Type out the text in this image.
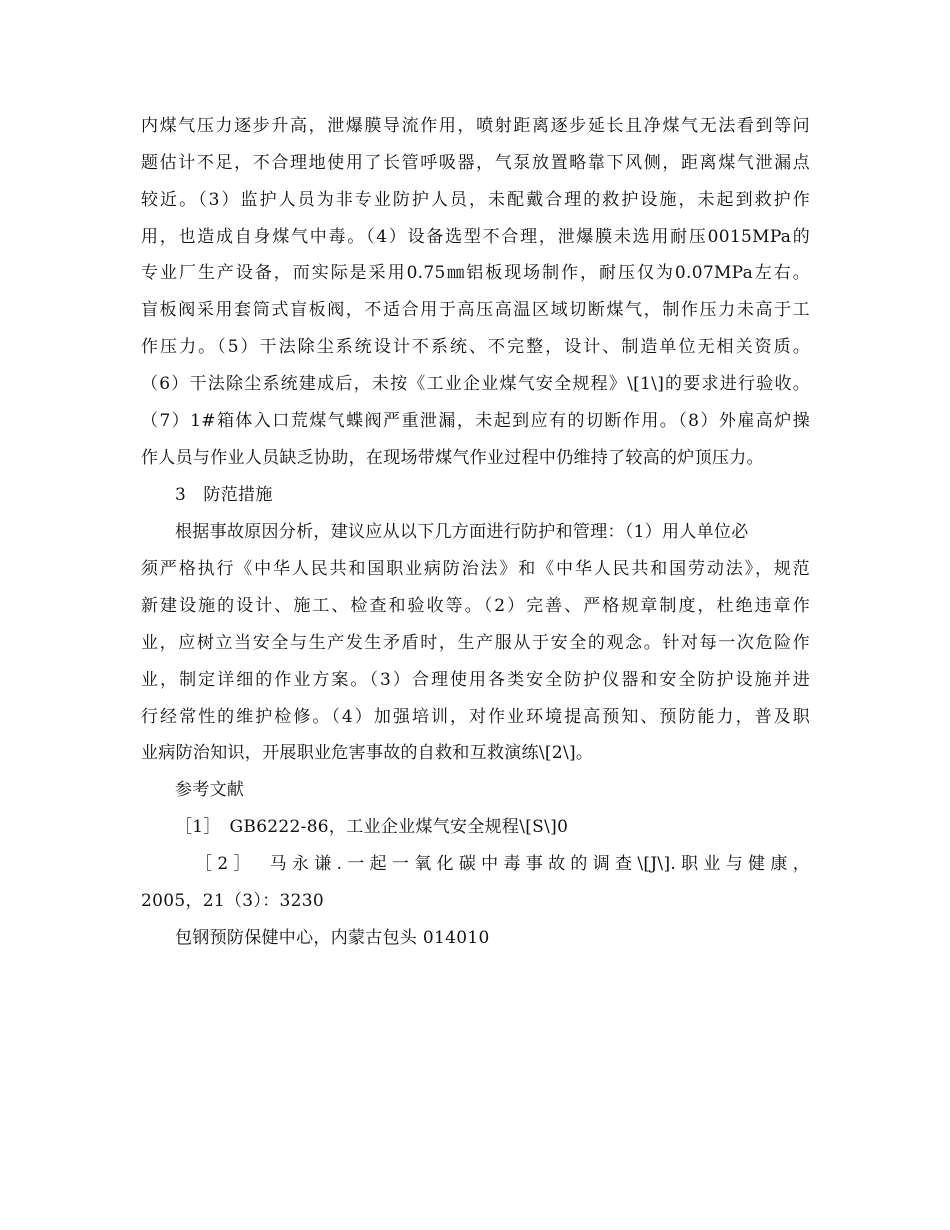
内煤气压力逐步升高，泄爆膜导流作用，喷射距离逐步延长且净煤气无法看到等问
题估计不足，不合理地使用了长管呼吸器，气泵放置略靠下风侧，距离煤气泄漏点
较近。（3）监护人员为非专业防护人员，未配戴合理的救护设施，未起到救护作
用，也造成自身煤气中毒。（4）设备选型不合理，泄爆膜未选用耐压0015MPa的
专业厂生产设备，而实际是采用0.75㎜铝板现场制作，耐压仅为0.07MPa左右。
盲板阀采用套筒式盲板阀，不适合用于高压高温区域切断煤气，制作压力未高于工
作压力。（5）干法除尘系统设计不系统、不完整，设计、制造单位无相关资质。
（6）干法除尘系统建成后，未按《工业企业煤气安全规程》\[1\]的要求进行验收。
（7）1#箱体入口荒煤气蝶阀严重泄漏，未起到应有的切断作用。（8）外雇高炉操
作人员与作业人员缺乏协助，在现场带煤气作业过程中仍维持了较高的炉顶压力。
3　防范措施
根据事故原因分析，建议应从以下几方面进行防护和管理：（1）用人单位必
须严格执行《中华人民共和国职业病防治法》和《中华人民共和国劳动法》，规范
新建设施的设计、施工、检查和验收等。（2）完善、严格规章制度，杜绝违章作
业，应树立当安全与生产发生矛盾时，生产服从于安全的观念。针对每一次危险作
业，制定详细的作业方案。（3）合理使用各类安全防护仪器和安全防护设施并进
行经常性的维护检修。（4）加强培训，对作业环境提高预知、预防能力，普及职
业病防治知识，开展职业危害事故的自救和互救演练\[2\]。
参考文献
［1］　GB6222-86，工业企业煤气安全规程\[S\]0
［2］　马永谦.一起一氧化碳中毒事故的调查\[J\].职业与健康，
2005，21（3）：3230
包钢预防保健中心，内蒙古包头 014010
